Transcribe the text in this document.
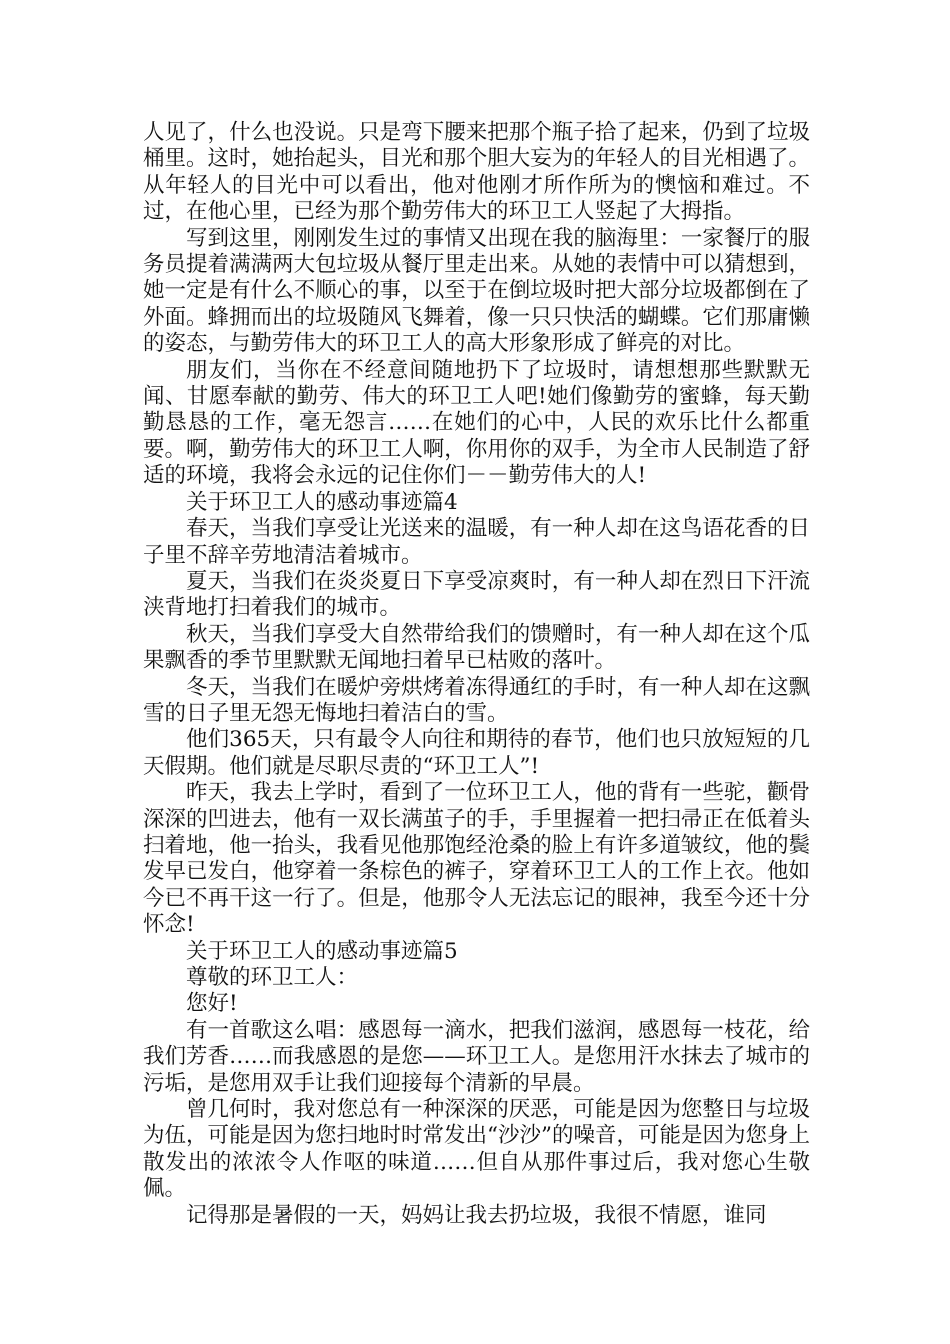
人见了，什么也没说。只是弯下腰来把那个瓶子拾了起来，仍到了垃圾桶里。这时，她抬起头，目光和那个胆大妄为的年轻人的目光相遇了。从年轻人的目光中可以看出，他对他刚才所作所为的懊恼和难过。不过，在他心里，已经为那个勤劳伟大的环卫工人竖起了大拇指。

写到这里，刚刚发生过的事情又出现在我的脑海里：一家餐厅的服务员提着满满两大包垃圾从餐厅里走出来。从她的表情中可以猜想到，她一定是有什么不顺心的事，以至于在倒垃圾时把大部分垃圾都倒在了外面。蜂拥而出的垃圾随风飞舞着，像一只只快活的蝴蝶。它们那庸懒的姿态，与勤劳伟大的环卫工人的高大形象形成了鲜亮的对比。

朋友们，当你在不经意间随地扔下了垃圾时，请想想那些默默无闻、甘愿奉献的勤劳、伟大的环卫工人吧!她们像勤劳的蜜蜂，每天勤勤恳恳的工作，毫无怨言……在她们的心中，人民的欢乐比什么都重要。啊，勤劳伟大的环卫工人啊，你用你的双手，为全市人民制造了舒适的环境，我将会永远的记住你们－－勤劳伟大的人!

关于环卫工人的感动事迹篇4

春天，当我们享受让光送来的温暖，有一种人却在这鸟语花香的日子里不辞辛劳地清洁着城市。

夏天，当我们在炎炎夏日下享受凉爽时，有一种人却在烈日下汗流浃背地打扫着我们的城市。

秋天，当我们享受大自然带给我们的馈赠时，有一种人却在这个瓜果飘香的季节里默默无闻地扫着早已枯败的落叶。

冬天，当我们在暖炉旁烘烤着冻得通红的手时，有一种人却在这飘雪的日子里无怨无悔地扫着洁白的雪。

他们365天，只有最令人向往和期待的春节，他们也只放短短的几天假期。他们就是尽职尽责的“环卫工人”!

昨天，我去上学时，看到了一位环卫工人，他的背有一些驼，颧骨深深的凹进去，他有一双长满茧子的手，手里握着一把扫帚正在低着头扫着地，他一抬头，我看见他那饱经沧桑的脸上有许多道皱纹，他的鬓发早已发白，他穿着一条棕色的裤子，穿着环卫工人的工作上衣。他如今已不再干这一行了。但是，他那令人无法忘记的眼神，我至今还十分怀念!

关于环卫工人的感动事迹篇5

尊敬的环卫工人：

您好!

有一首歌这么唱：感恩每一滴水，把我们滋润，感恩每一枝花，给我们芳香……而我感恩的是您——环卫工人。是您用汗水抹去了城市的污垢，是您用双手让我们迎接每个清新的早晨。

曾几何时，我对您总有一种深深的厌恶，可能是因为您整日与垃圾为伍，可能是因为您扫地时时常发出“沙沙”的噪音，可能是因为您身上散发出的浓浓令人作呕的味道……但自从那件事过后，我对您心生敬佩。

记得那是暑假的一天，妈妈让我去扔垃圾，我很不情愿，谁同
